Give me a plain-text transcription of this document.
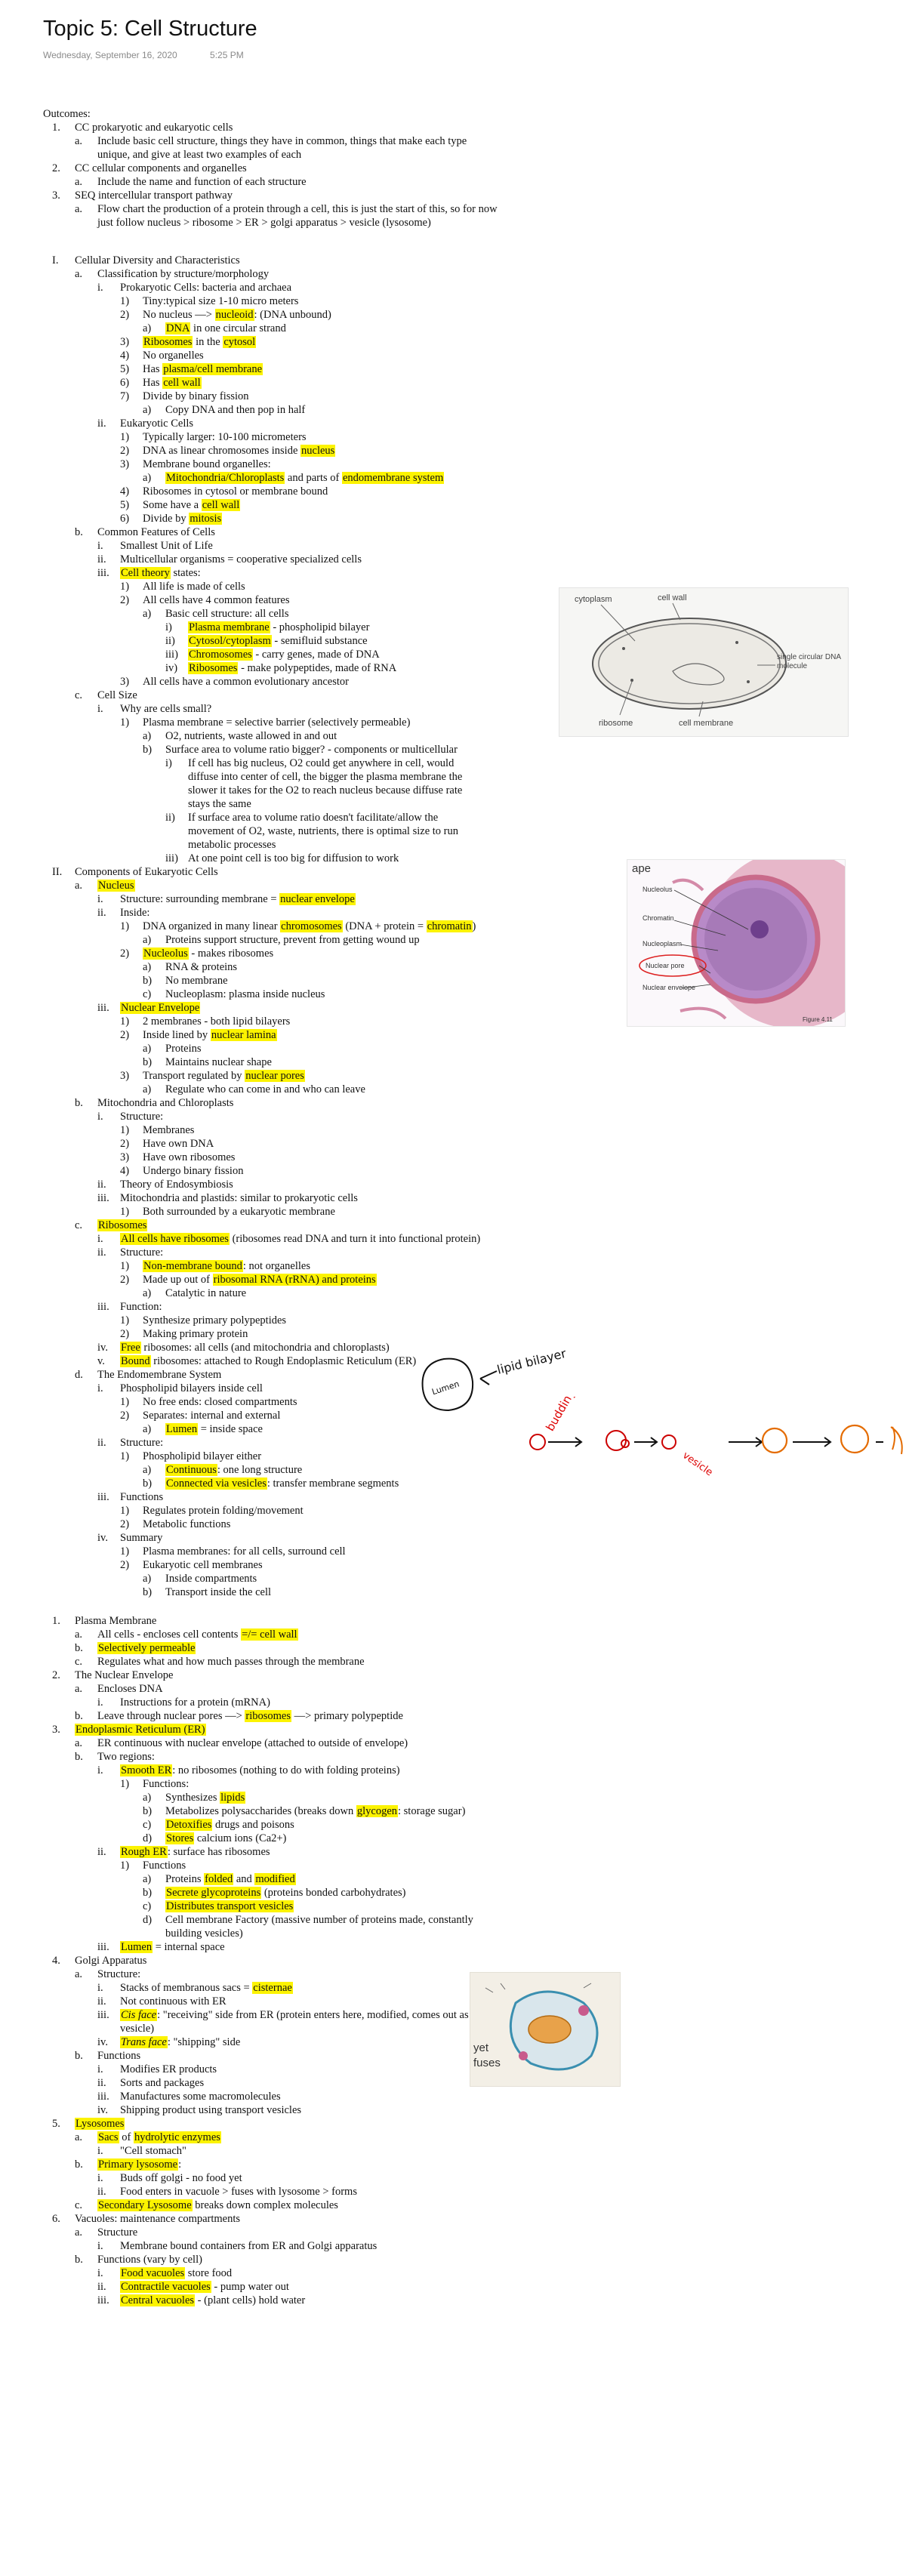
Topic 5: Cell Structure
Wednesday, September 16, 2020	5:25 PM
Outcomes:
1. CC prokaryotic and eukaryotic cells
a. Include basic cell structure, things they have in common, things that make each type
unique, and give at least two examples of each
2. CC cellular components and organelles
a. Include the name and function of each structure
3. SEQ intercellular transport pathway
a. Flow chart the production of a protein through a cell, this is just the start of this, so for now
just follow nucleus > ribosome > ER > golgi apparatus > vesicle (lysosome)
I. Cellular Diversity and Characteristics
a. Classification by structure/morphology
i. Prokaryotic Cells: bacteria and archaea
1) Tiny:typical size 1-10 micro meters
2) No nucleus —> nucleoid: (DNA unbound)
a) DNA in one circular strand
3) Ribosomes in the cytosol
4) No organelles
5) Has plasma/cell membrane
6) Has cell wall
7) Divide by binary fission
a) Copy DNA and then pop in half
ii. Eukaryotic Cells
1) Typically larger: 10-100 micrometers
2) DNA as linear chromosomes inside nucleus
3) Membrane bound organelles:
a) Mitochondria/Chloroplasts and parts of endomembrane system
4) Ribosomes in cytosol or membrane bound
5) Some have a cell wall
6) Divide by mitosis
b. Common Features of Cells
i. Smallest Unit of Life
ii. Multicellular organisms = cooperative specialized cells
iii. Cell theory states:
1) All life is made of cells
2) All cells have 4 common features
a) Basic cell structure: all cells
i) Plasma membrane - phospholipid bilayer
ii) Cytosol/cytoplasm - semifluid substance
iii) Chromosomes - carry genes, made of DNA
iv) Ribosomes - make polypeptides, made of RNA
3) All cells have a common evolutionary ancestor
c. Cell Size
i. Why are cells small?
1) Plasma membrane = selective barrier (selectively permeable)
a) O2, nutrients, waste allowed in and out
b) Surface area to volume ratio bigger? - components or multicellular
i) If cell has big nucleus, O2 could get anywhere in cell, would
diffuse into center of cell, the bigger the plasma membrane the
slower it takes for the O2 to reach nucleus because diffuse rate
stays the same
ii) If surface area to volume ratio doesn't facilitate/allow the
movement of O2, waste, nutrients, there is optimal size to run
metabolic processes
iii) At one point cell is too big for diffusion to work
II. Components of Eukaryotic Cells
a. Nucleus
i. Structure: surrounding membrane = nuclear envelope
ii. Inside:
1) DNA organized in many linear chromosomes (DNA + protein = chromatin)
a) Proteins support structure, prevent from getting wound up
2) Nucleolus - makes ribosomes
a) RNA & proteins
b) No membrane
c) Nucleoplasm: plasma inside nucleus
iii. Nuclear Envelope
1) 2 membranes - both lipid bilayers
2) Inside lined by nuclear lamina
a) Proteins
b) Maintains nuclear shape
3) Transport regulated by nuclear pores
a) Regulate who can come in and who can leave
b. Mitochondria and Chloroplasts
i. Structure:
1) Membranes
2) Have own DNA
3) Have own ribosomes
4) Undergo binary fission
ii. Theory of Endosymbiosis
iii. Mitochondria and plastids: similar to prokaryotic cells
1) Both surrounded by a eukaryotic membrane
c. Ribosomes
i. All cells have ribosomes (ribosomes read DNA and turn it into functional protein)
ii. Structure:
1) Non-membrane bound: not organelles
2) Made up out of ribosomal RNA (rRNA) and proteins
a) Catalytic in nature
iii. Function:
1) Synthesize primary polypeptides
2) Making primary protein
iv. Free ribosomes: all cells (and mitochondria and chloroplasts)
v. Bound ribosomes: attached to Rough Endoplasmic Reticulum (ER)
d. The Endomembrane System
i. Phospholipid bilayers inside cell
1) No free ends: closed compartments
2) Separates: internal and external
a) Lumen = inside space
ii. Structure:
1) Phospholipid bilayer either
a) Continuous: one long structure
b) Connected via vesicles: transfer membrane segments
iii. Functions
1) Regulates protein folding/movement
2) Metabolic functions
iv. Summary
1) Plasma membranes: for all cells, surround cell
2) Eukaryotic cell membranes
a) Inside compartments
b) Transport inside the cell
1. Plasma Membrane
a. All cells - encloses cell contents =/= cell wall
b. Selectively permeable
c. Regulates what and how much passes through the membrane
2. The Nuclear Envelope
a. Encloses DNA
i. Instructions for a protein (mRNA)
b. Leave through nuclear pores —> ribosomes —> primary polypeptide
3. Endoplasmic Reticulum (ER)
a. ER continuous with nuclear envelope (attached to outside of envelope)
b. Two regions:
i. Smooth ER: no ribosomes (nothing to do with folding proteins)
1) Functions:
a) Synthesizes lipids
b) Metabolizes polysaccharides (breaks down glycogen: storage sugar)
c) Detoxifies drugs and poisons
d) Stores calcium ions (Ca2+)
ii. Rough ER: surface has ribosomes
1) Functions
a) Proteins folded and modified
b) Secrete glycoproteins (proteins bonded carbohydrates)
c) Distributes transport vesicles
d) Cell membrane Factory (massive number of proteins made, constantly
building vesicles)
iii. Lumen = internal space
4. Golgi Apparatus
a. Structure:
i. Stacks of membranous sacs = cisternae
ii. Not continuous with ER
iii. Cis face: "receiving" side from ER (protein enters here, modified, comes out as
vesicle)
iv. Trans face: "shipping" side
b. Functions
i. Modifies ER products
ii. Sorts and packages
iii. Manufactures some macromolecules
iv. Shipping product using transport vesicles
5. Lysosomes
a. Sacs of hydrolytic enzymes
i. "Cell stomach"
b. Primary lysosome:
i. Buds off golgi - no food yet
ii. Food enters in vacuole > fuses with lysosome > forms
c. Secondary Lysosome breaks down complex molecules
6. Vacuoles: maintenance compartments
a. Structure
i. Membrane bound containers from ER and Golgi apparatus
b. Functions (vary by cell)
i. Food vacuoles store food
ii. Contractile vacuoles - pump water out
iii. Central vacuoles - (plant cells) hold water
cytoplasm	cell wall
single circular DNA molecule
ribosome	cell membrane
ape
Nucleolus
Chromatin
Nucleoplasm
Nuclear pore
Nuclear envelope
Figure 4.11
Lumen
lipid bilayer
budding
vesicle
yet
fuses
